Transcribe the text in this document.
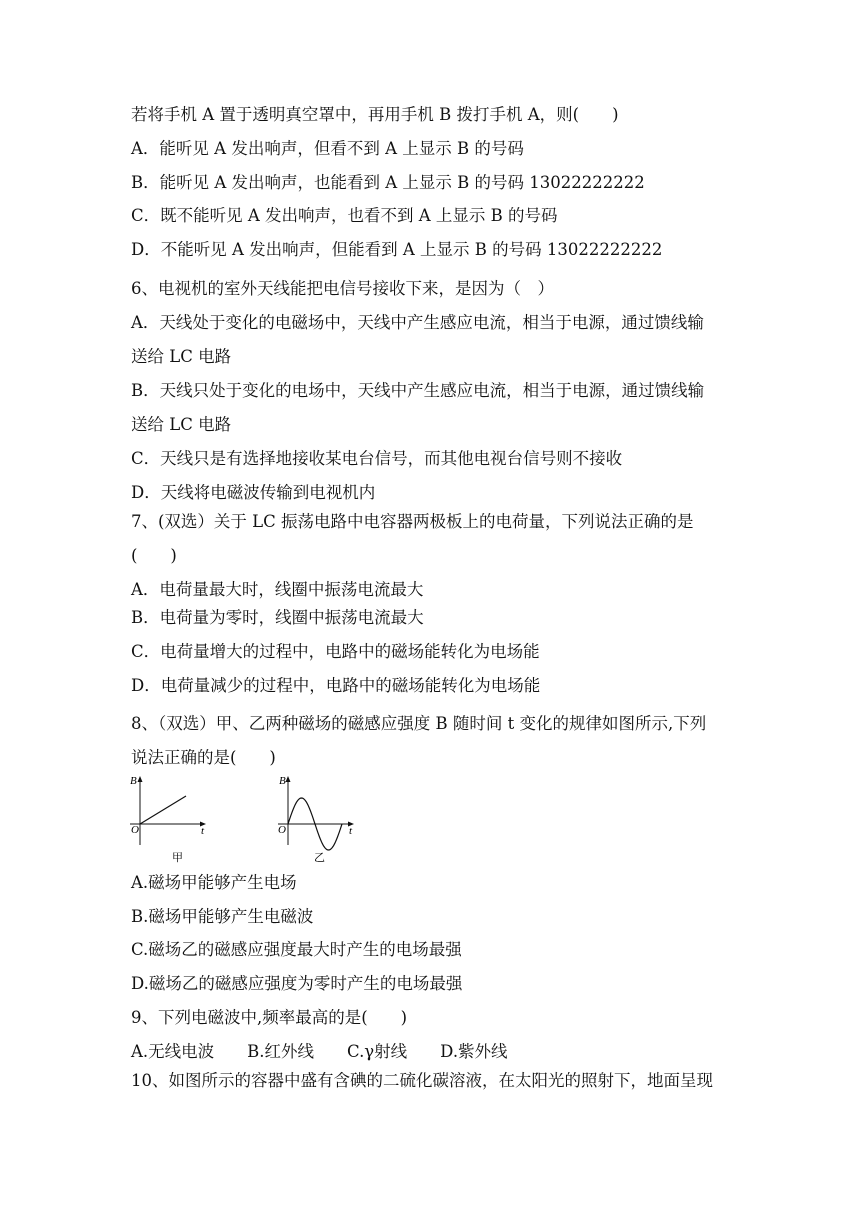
若将手机 A 置于透明真空罩中，再用手机 B 拨打手机 A，则(　　)
A．能听见 A 发出响声，但看不到 A 上显示 B 的号码
B．能听见 A 发出响声，也能看到 A 上显示 B 的号码 13022222222
C．既不能听见 A 发出响声，也看不到 A 上显示 B 的号码
D．不能听见 A 发出响声，但能看到 A 上显示 B 的号码 13022222222
6、电视机的室外天线能把电信号接收下来，是因为（　）
A．天线处于变化的电磁场中，天线中产生感应电流，相当于电源，通过馈线输
送给 LC 电路
B．天线只处于变化的电场中，天线中产生感应电流，相当于电源，通过馈线输
送给 LC 电路
C．天线只是有选择地接收某电台信号，而其他电视台信号则不接收
D．天线将电磁波传输到电视机内
7、(双选）关于 LC 振荡电路中电容器两极板上的电荷量，下列说法正确的是
(　　)
A．电荷量最大时，线圈中振荡电流最大
B．电荷量为零时，线圈中振荡电流最大
C．电荷量增大的过程中，电路中的磁场能转化为电场能
D．电荷量减少的过程中，电路中的磁场能转化为电场能
8、（双选）甲、乙两种磁场的磁感应强度 B 随时间 t 变化的规律如图所示,下列
说法正确的是(　　)
B
O	t
甲
B
O	t
乙
A.磁场甲能够产生电场
B.磁场甲能够产生电磁波
C.磁场乙的磁感应强度最大时产生的电场最强
D.磁场乙的磁感应强度为零时产生的电场最强
9、下列电磁波中,频率最高的是(　　)
A.无线电波　　B.红外线　　C.γ射线　　D.紫外线
10、如图所示的容器中盛有含碘的二硫化碳溶液，在太阳光的照射下，地面呈现
